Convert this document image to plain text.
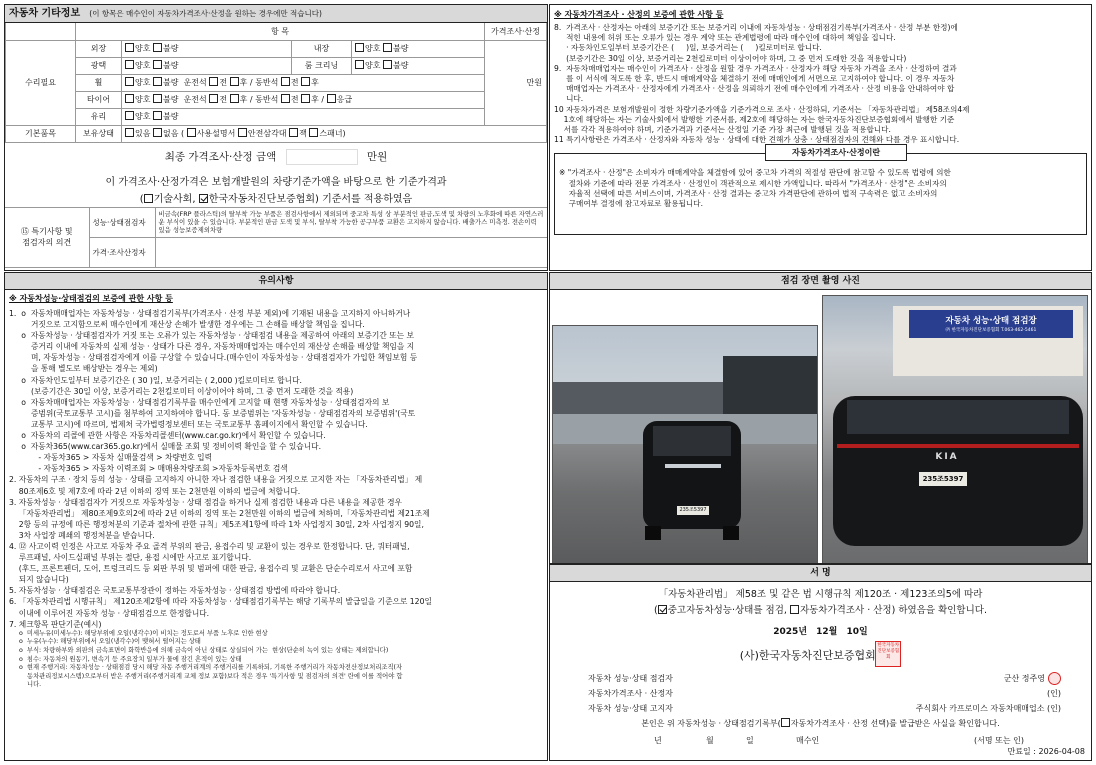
자동차 기타정보 (이 항목은 매수인이 자동차가격조사·산정을 원하는 경우에만 적습니다)
	항 목				가격조사·산정
수리필요	외장	양호 불량	내장	양호 불량	만원
	광택	양호 불량	룸 크리닝	양호 불량	
	휠	양호 불량 운전석 전 후 / 동반석 전 후			
	타이어	양호 불량 운전석 전 후 / 동반석 전 후 / 응급			
	유리	양호 불량			
기본품목	보유상태	있음 없음 ( 사용설명서 안전삼각대 잭 스패너)			
최종 가격조사·산정 금액	만원
이 가격조사·산정가격은 보험개발원의 차량기준가액을 바탕으로 한 기준가격과
( 기술사회, 한국자동차진단보증협회) 기준서를 적용하였음
⑮ 특기사항 및
점검자의 의견	성능·상태점검자	비금속(FRP 플라스틱)의 탈부착 가능 부품은 점검사항에서 제외되며 중고차 특성 상 부분적인 판금,도색 및 차량의 노후화에 따른 자연스러운 부식이 있을 수 있습니다. 부분적인 판금 도색 및 부식, 탈부착 가능한 공구부품 교환은 고지하지 않습니다. 배출가스 미측정. 전손이력 있음 성능보증제외차량
	가격·조사산정자	
※ 자동차가격조사 · 산정의 보증에 관한 사항 등
8.  가격조사 · 산정자는 아래의 보증기간 또는 보증거리 이내에 자동차성능 · 상태점검기록부(가격조사 · 산정 부분 한정)에
적힌 내용에 허위 또는 오류가 있는 경우 계약 또는 관계법령에 따라 매수인에 대하여 책임을 집니다.
· 자동차인도일부터 보증기간은 (     )일, 보증거리는 (     )킬로미터로 합니다.
(보증기간은 30일 이상, 보증거리는 2천킬로미터 이상이어야 하며, 그 중 먼저 도래한 것을 적용합니다)
9.  자동차매매업자는 매수인이 가격조사 · 산정을 원할 경우 가격조사 · 산정자가 해당 자동차 가격을 조사 · 산정하여 결과
를 이 서식에 적도록 한 후, 반드시 매매계약을 체결하기 전에 매매인에게 서면으로 고지하여야 합니다. 이 경우 자동차
매매업자는 가격조사 · 산정자에게 가격조사 · 산정을 의뢰하기 전에 매수인에게 가격조사 · 산정 비용을 안내하여야 합
니다.
10 자동차가격은 보험개발원이 정한 차량기준가액을 기준가격으로 조사 · 산정하되, 기준서는 「자동차관리법」 제58조의4제
1호에 해당하는 자는 기술사회에서 발행한 기준서를, 제2호에 해당하는 자는 한국자동차진단보증협회에서 발행한 기준
서를 각각 적용하여야 하며, 기준가격과 기준서는 산정일 기준 가장 최근에 발행된 것을 적용합니다.
11 특기사항란은 가격조사 · 산정자와 자동차 성능 · 상태에 대한 견해가 상충 · 상태점검자의 견해와 다를 경우 표시합니다.
자동차가격조사·산정이란
※ "가격조사 · 산정"은 소비자가 매매계약을 체결함에 있어 중고차 가격의 적절성 판단에 참고할 수 있도록 법령에 의한
절차와 기준에 따라 전문 가격조사 · 산정인이 객관적으로 제시한 가액입니다. 따라서 "가격조사 · 산정"은 소비자의
자율적 선택에 따른 서비스이며, 가격조사 · 산정 결과는 중고차 가격판단에 관하여 법적 구속력은 없고 소비자의
구매여부 결정에 참고자료로 활용됩니다.
유의사항
※ 자동차성능·상태점검의 보증에 관한 사항 등
1.  o  자동차매매업자는 자동차성능 · 상태점검기록부(가격조사 · 산정 부분 제외)에 기재된 내용을 고지하지 아니하거나
거짓으로 고지함으로써 매수인에게 재산상 손해가 발생한 경우에는 그 손해를 배상할 책임을 집니다.
o  자동차성능 · 상태점검자가 거짓 또는 오류가 있는 자동차성능 · 상태점검 내용을 제공하여 아래의 보증기간 또는 보
증거리 이내에 자동차의 실제 성능 · 상태가 다른 경우, 자동차매매업자는 매수인의 재산상 손해를 배상할 책임을 지
며, 자동차성능 · 상태점검자에게 이를 구상할 수 있습니다.(매수인이 자동차성능 · 상태점검자가 가입한 책임보험 등
을 통해 별도로 배상받는 경우는 제외)
o  자동차인도일부터 보증기간은 ( 30 )일, 보증거리는 ( 2,000 )킬로미터로 합니다.
(보증기간은 30일 이상, 보증거리는 2천킬로미터 이상이어야 하며, 그 중 먼저 도래한 것을 적용)
o  자동차매매업자는 자동차성능 · 상태점검기록부를 매수인에게 고지할 때 현행 자동차성능 · 상태점검자의 보
증범위(국토교통부 고시)를 첨부하여 고지하여야 합니다. 동 보증범위는 '자동차성능 · 상태점검자의 보증범위'(국토
교통부 고시)에 따르며, 법제처 국가법령정보센터 또는 국토교통부 홈페이지에서 확인할 수 있습니다.
o  자동차의 리콜에 관한 사항은 자동차리콜센터(www.car.go.kr)에서 확인할 수 있습니다.
o  자동차365(www.car365.go.kr)에서 실매물 조회 및 정비이력 확인을 할 수 있습니다.
- 자동차365 > 자동차 실매물검색 > 차량번호 입력
- 자동차365 > 자동차 이력조회 > 매매용차량조회 >자동차등록번호 검색
2. 자동차의 구조 · 장치 등의 성능 · 상태를 고지하지 아니한 자나 점검한 내용을 거짓으로 고지한 자는 「자동차관리법」 제
80조제6호 및 제7호에 따라 2년 이하의 징역 또는 2천만원 이하의 벌금에 처합니다.
3. 자동차성능 · 상태점검자가 거짓으로 자동차성능 · 상태 점검을 하거나 실제 점검한 내용과 다른 내용을 제공한 경우
「자동차관리법」 제80조제9호의2에 따라 2년 이하의 징역 또는 2천만원 이하의 벌금에 처하며,「자동차관리법 제21조제
2항 등의 규정에 따른 행정처분의 기준과 절차에 관한 규칙」제5조제1항에 따라 1차 사업정지 30일, 2차 사업정지 90일,
3차 사업장 폐쇄의 행정처분을 받습니다.
4. ⑫ 사고이력 인정은 사고로 자동차 주요 골격 부위의 판금, 용접수리 및 교환이 있는 경우로 한정합니다. 단, 쿼터패널,
루프패널, 사이드실패널 부위는 절단, 용접 시에만 사고로 표기합니다.
(후드, 프론트펜더, 도어, 트렁크리드 등 외판 부위 및 범퍼에 대한 판금, 용접수리 및 교환은 단순수리로서 사고에 포함
되지 않습니다)
5. 자동차성능 · 상태점검은 국토교통부장관이 정하는 자동차성능 · 상태점검 방법에 따라야 합니다.
6. 「자동차관리법 시행규칙」 제120조제2항에 따라 자동차성능 · 상태점검기록부는 해당 기록부의 발급일을 기준으로 120일
이내에 이루어진 자동차 성능 · 상태점검으로 한정합니다.
7. 체크항목 판단기준(예시)
o  미세누유(미세누수): 해당부위에 오일(냉각수)이 비치는 정도로서 부품 노후로 인한 현상
o  누유(누수): 해당부위에서 오일(냉각수)이 맺혀서 떨어지는 상태
o  부식: 차량하부와 외판의 금속표면이 화학반응에 의해 금속이 아닌 상태로 상실되어 가는  현상(단순히 녹이 있는 상태는 제외합니다)
o  침수: 자동차의 원동기, 변속기 등 주요장치 일부가 물에 잠긴 흔적이 있는 상태
o  현재 주행거리: 자동차성능 · 상태점검 당시 해당 자동 주행거리계의 주행거리를 기록하되, 기록한 주행거리가 자동차전산정보처리조직(자
동차관리정보시스템)으로부터 받은 주행거리(주행거리계 교체 정보 포함)보다 적은 경우 '특기사항 및 점검자의 의견' 란에 이를 적어야 합
니다.
점검 장면 촬영 사진
235조5397
자동차 성능·상태 점검장
㈜ 한국자동차진단보증협회 T.063-462-5461
KIA
235조5397
서 명
「자동차관리법」 제58조 및 같은 법 시행규칙 제120조 · 제123조의5에 따라
( 중고자동차성능·상태를 점검, 자동차가격조사 · 산정) 하였음을 확인합니다.
2025년 12월 10일
(사)한국자동차진단보증협회
한국자동차진단보증협회
자동차 성능·상태 점검자	군산 정주영
자동차가격조사 · 산정자	(인)
자동차 성능·상태 고지자	주식회사 카프로미스 자동차매매업소 (인)
본인은 위 자동차성능 · 상태점검기록부( 자동차가격조사 · 산정 선택)를 발급받은 사실을 확인합니다.
년	월	일	매수인	(서명 또는 인)
만료일 : 2026-04-08
